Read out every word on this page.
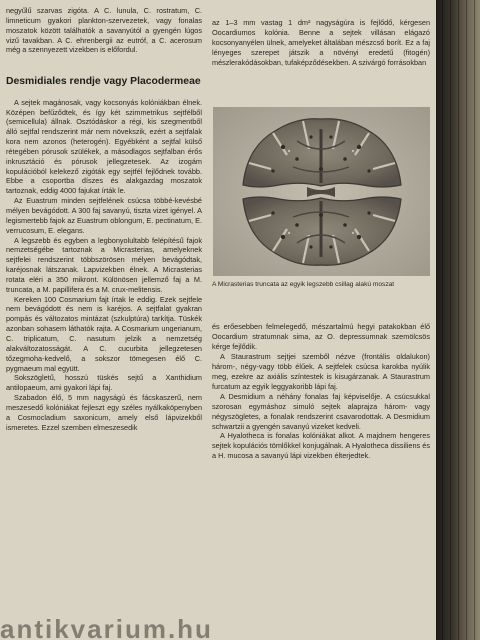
negyűlű szarvas zigóta. A C. lunula, C. rostratum, C. limneticum gyakori plankton-szervezetek, vagy fonalas moszatok között találhatók a savanyútól a gyengén lúgos vizű tavakban. A C. ehrenbergii az eutróf, a C. acerosum még a szennyezett vizekben is előfordul.

Desmidiales rendje vagy Placodermeae

A sejtek magánosak, vagy kocsonyás kolóniákban élnek. Középen befűződtek, és így két szimmetrikus sejtfélből (semicellula) állnak. Osztódáskor a régi, kis szegmentből álló sejtfal rendszerint már nem növekszik, ezért a sejtfalak kora nem azonos (heterogén). Egyébként a sejtfal külső rétegében pórusok szülékek, a másodlagos sejtfalban érős inkrusztáció és pórusok jellegzetesek. Az izogám kopulációból kelekező zigóták egy sejtfél fejlődnek tovább. Ebbe a csoportba díszes és alakgazdag moszatok tartoznak, eddig 4000 fajukat írták le.

Az Euastrum minden sejtfelének csúcsa többé-kevésbé mélyen bevágódott. A 300 faj savanyú, tiszta vizet igényel. A legismertebb fajok az Euastrum oblongum, E. pectinatum, E. verrucosum, E. elegans.

A legszebb és egyben a legbonyolultabb felépítésű fajok nemzetségébe tartoznak a Micrasterias, amelyeknek sejtfelei rendszerint többszörösen mélyen bevágódtak, karéjosnak látszanak. Lapvizekben élnek. A Micrasterias rotata eléri a 350 mikront. Különösen jellemző faj a M. truncata, a M. papillifera és a M. crux-melitensis.

Kereken 100 Cosmarium fajt írtak le eddig. Ezek sejtfele nem bevágódott és nem is karéjos. A sejtfalat gyakran pompás és változatos mintázat (szkulptúra) tarkítja. Tüskék azonban sohasem láthatók rajta. A Cosmarium ungerianum, C. triplicatum, C. nasutum jelzik a nemzetség alakváltozatosságát. A C. cucurbita jellegzetesen tőzegmoha-kedvelő, a sokszor tömegesen élő C. pygmaeum mal együtt.

Sokszögletű, hosszú tüskés sejtű a Xanthidium antilopaeum, ami gyakori lápi faj.

Szabadon élő, 5 mm nagyságú és fácskaszerű, nem meszesedő kolóniákat fejleszt egy széles nyálkaköpenyben a Cosmocladium saxonicum, amely első lápvizekből ismeretes. Ezzel szemben elmeszesedik

az 1–3 mm vastag 1 dm² nagyságúra is fejlődő, kérgesen Oocardiumos kolónia. Benne a sejtek villásan elágazó kocsonyanyélen ülnek, amelyeket általában mészcső borít. Ez a faj lényeges szerepet játszik a növényi eredetű (fitogén) mészlerakódásokban, tufaképződésekben. A szivárgó forrásokban

A Micrasterias truncata az egyik legszebb csillag alakú moszat

és erőesebben felmelegedő, mészartalmú hegyi patakokban élő Oocardium stratumnak sima, az O. depressumnak szemölcsös kérge fejlődik.

A Staurastrum sejtjei szemből nézve (frontális oldalukon) három-, négy-vagy több élűek. A sejtfelek csúcsa karokba nyúlik meg, ezekre az axiális színtestek is kisugárzanak. A Staurastrum furcatum az egyik leggyakoribb lápi faj.

A Desmidium a néhány fonalas faj képviselője. A csúcsukkal szorosan egymáshoz simuló sejtek alaprajza három- vagy négyszögletes, a fonalak rendszerint csavarodottak. A Desmidium schwartzii a gyengén savanyú vizeket kedveli.

A Hyalotheca is fonalas kolóniákat alkot. A majdnem hengeres sejtek kopulációs tömlőkkel konjugálnak. A Hyalotheca dissiliens és a H. mucosa a savanyú lápi vizekben élterjedtek.

antikvarium.hu
